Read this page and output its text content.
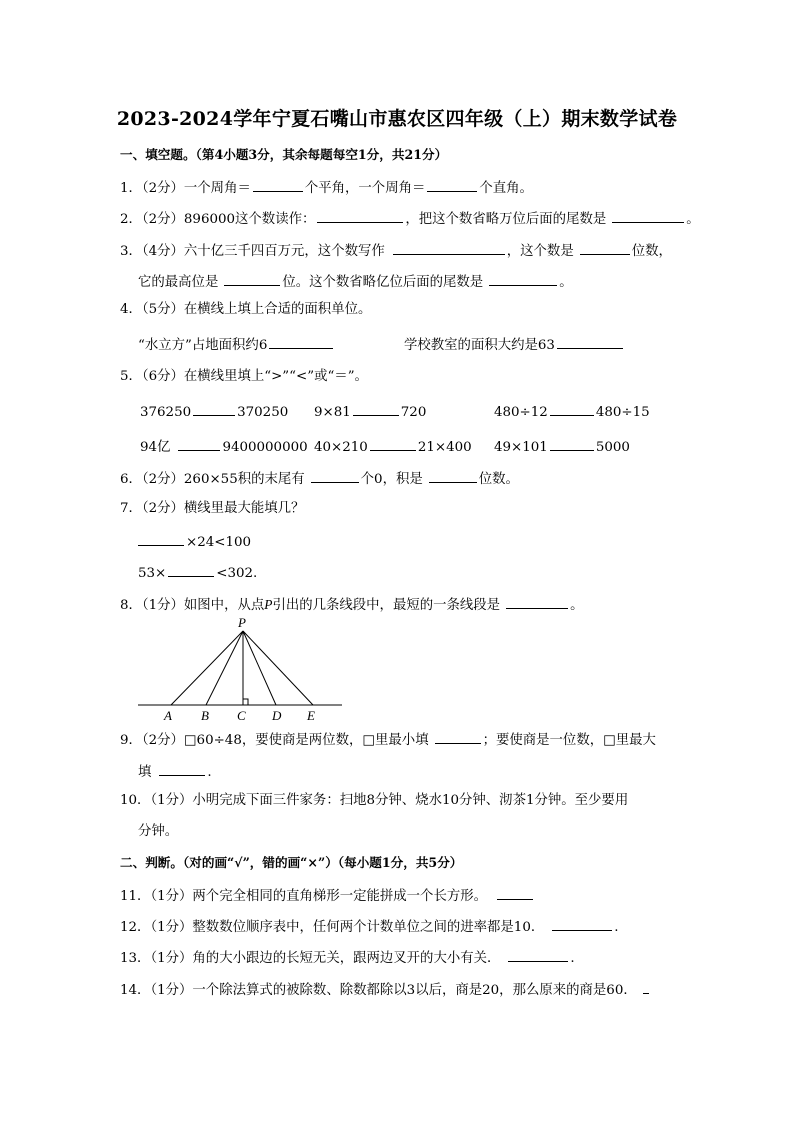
2023-2024学年宁夏石嘴山市惠农区四年级（上）期末数学试卷
一、填空题。（第4小题3分，其余每题每空1分，共21分）
1．（2分）一个周角＝	个平角，一个周角＝	个直角。
2．（2分）896000这个数读作：	，把这个数省略万位后面的尾数是	。
3．（4分）六十亿三千四百万元，这个数写作	，这个数是	位数，
它的最高位是	位。这个数省略亿位后面的尾数是	。
4．（5分）在横线上填上合适的面积单位。
“水立方”占地面积约6	学校教室的面积大约是63
5．（6分）在横线里填上“>”“<”或“＝”。
376250	370250 9×81	720	480÷12	480÷15
94亿	9400000000 40×210	21×400 49×101	5000
6．（2分）260×55积的末尾有	个0，积是	位数。
7．（2分）横线里最大能填几？
×24<100
53×	<302.
8．（1分）如图中，从点P引出的几条线段中，最短的一条线段是	。
P
A B C D E
9．（2分）□60÷48，要使商是两位数，□里最小填	；要使商是一位数，□里最大
填	.
10．（1分）小明完成下面三件家务：扫地8分钟、烧水10分钟、沏茶1分钟。至少要用
分钟。
二、判断。（对的画“√”，错的画“×”）（每小题1分，共5分）
11．（1分）两个完全相同的直角梯形一定能拼成一个长方形。
12．（1分）整数数位顺序表中，任何两个计数单位之间的进率都是10．	.
13．（1分）角的大小跟边的长短无关，跟两边叉开的大小有关．	.
14．（1分）一个除法算式的被除数、除数都除以3以后，商是20，那么原来的商是60．
